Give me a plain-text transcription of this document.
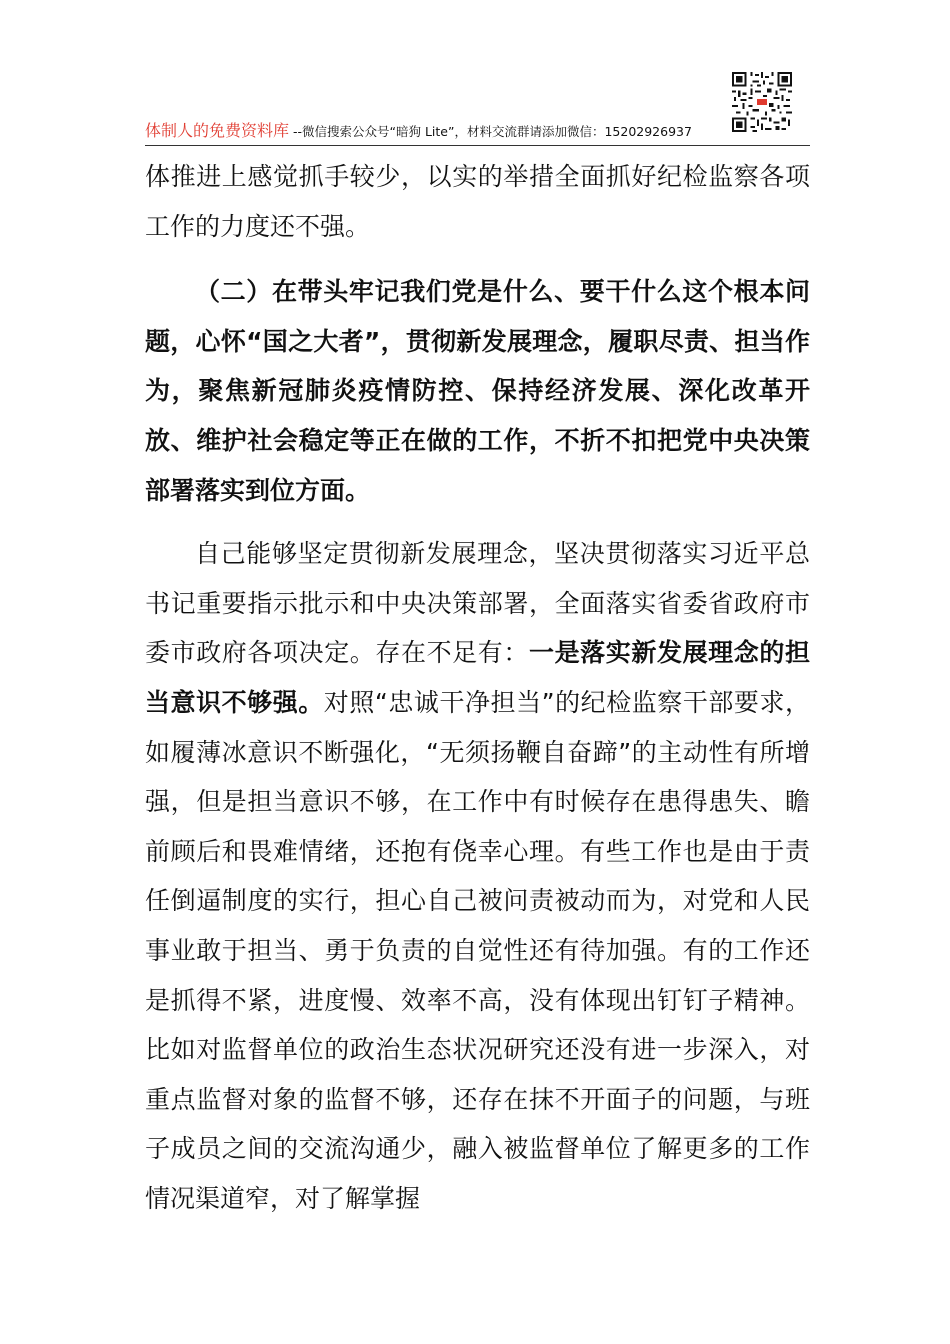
体制人的免费资料库 --微信搜索公众号“暗狗 Lite”，材料交流群请添加微信：15202926937

体推进上感觉抓手较少，以实的举措全面抓好纪检监察各项工作的力度还不强。

（二）在带头牢记我们党是什么、要干什么这个根本问题，心怀“国之大者”，贯彻新发展理念，履职尽责、担当作为，聚焦新冠肺炎疫情防控、保持经济发展、深化改革开放、维护社会稳定等正在做的工作，不折不扣把党中央决策部署落实到位方面。

自己能够坚定贯彻新发展理念，坚决贯彻落实习近平总书记重要指示批示和中央决策部署，全面落实省委省政府市委市政府各项决定。存在不足有：一是落实新发展理念的担当意识不够强。对照“忠诚干净担当”的纪检监察干部要求，如履薄冰意识不断强化，“无须扬鞭自奋蹄”的主动性有所增强，但是担当意识不够，在工作中有时候存在患得患失、瞻前顾后和畏难情绪，还抱有侥幸心理。有些工作也是由于责任倒逼制度的实行，担心自己被问责被动而为，对党和人民事业敢于担当、勇于负责的自觉性还有待加强。有的工作还是抓得不紧，进度慢、效率不高，没有体现出钉钉子精神。比如对监督单位的政治生态状况研究还没有进一步深入，对重点监督对象的监督不够，还存在抹不开面子的问题，与班子成员之间的交流沟通少，融入被监督单位了解更多的工作情况渠道窄，对了解掌握
